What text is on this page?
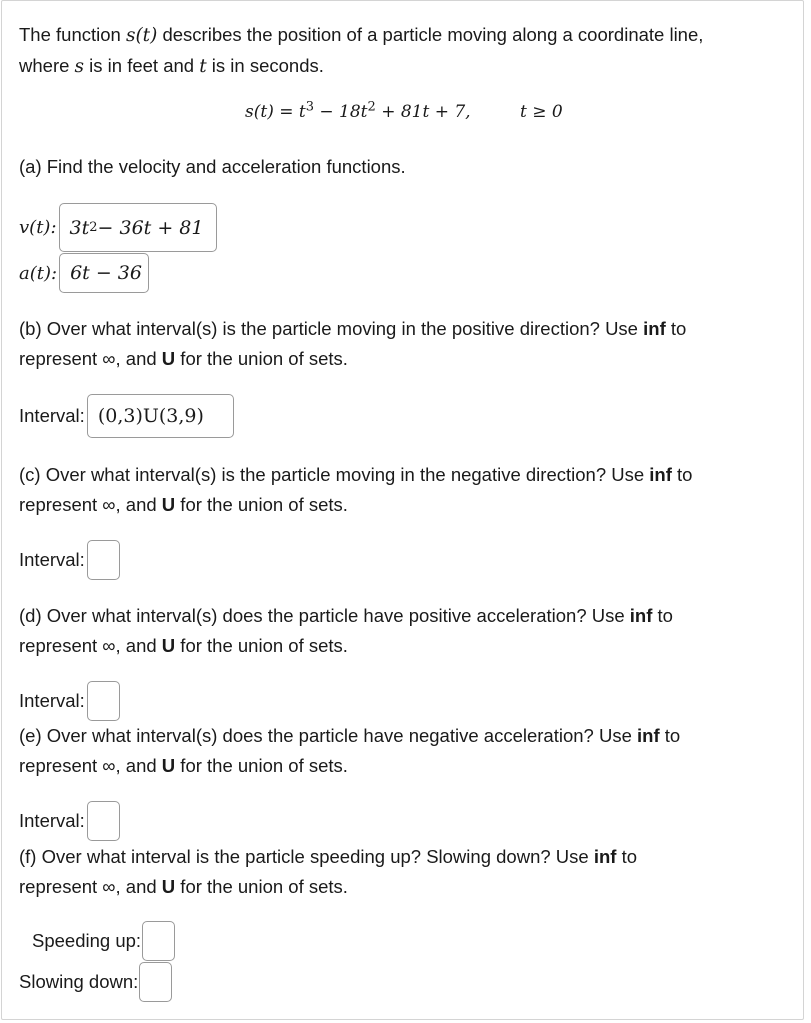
The function s(t) describes the position of a particle moving along a coordinate line,
where s is in feet and t is in seconds.

$s(t) = t^3 - 18t^2 + 81t + 7$,	t ≥ 0

(a) Find the velocity and acceleration functions.

v(t): 3t 2 − 36t + 81
a(t): 6t − 36

(b) Over what interval(s) is the particle moving in the positive direction? Use inf to
represent ∞, and U for the union of sets.

Interval: (0,3)U(3,9)

(c) Over what interval(s) is the particle moving in the negative direction? Use inf to
represent ∞, and U for the union of sets.

Interval:

(d) Over what interval(s) does the particle have positive acceleration? Use inf to
represent ∞, and U for the union of sets.

Interval:

(e) Over what interval(s) does the particle have negative acceleration? Use inf to
represent ∞, and U for the union of sets.

Interval:

(f) Over what interval is the particle speeding up? Slowing down? Use inf to
represent ∞, and U for the union of sets.

Speeding up:
Slowing down:
